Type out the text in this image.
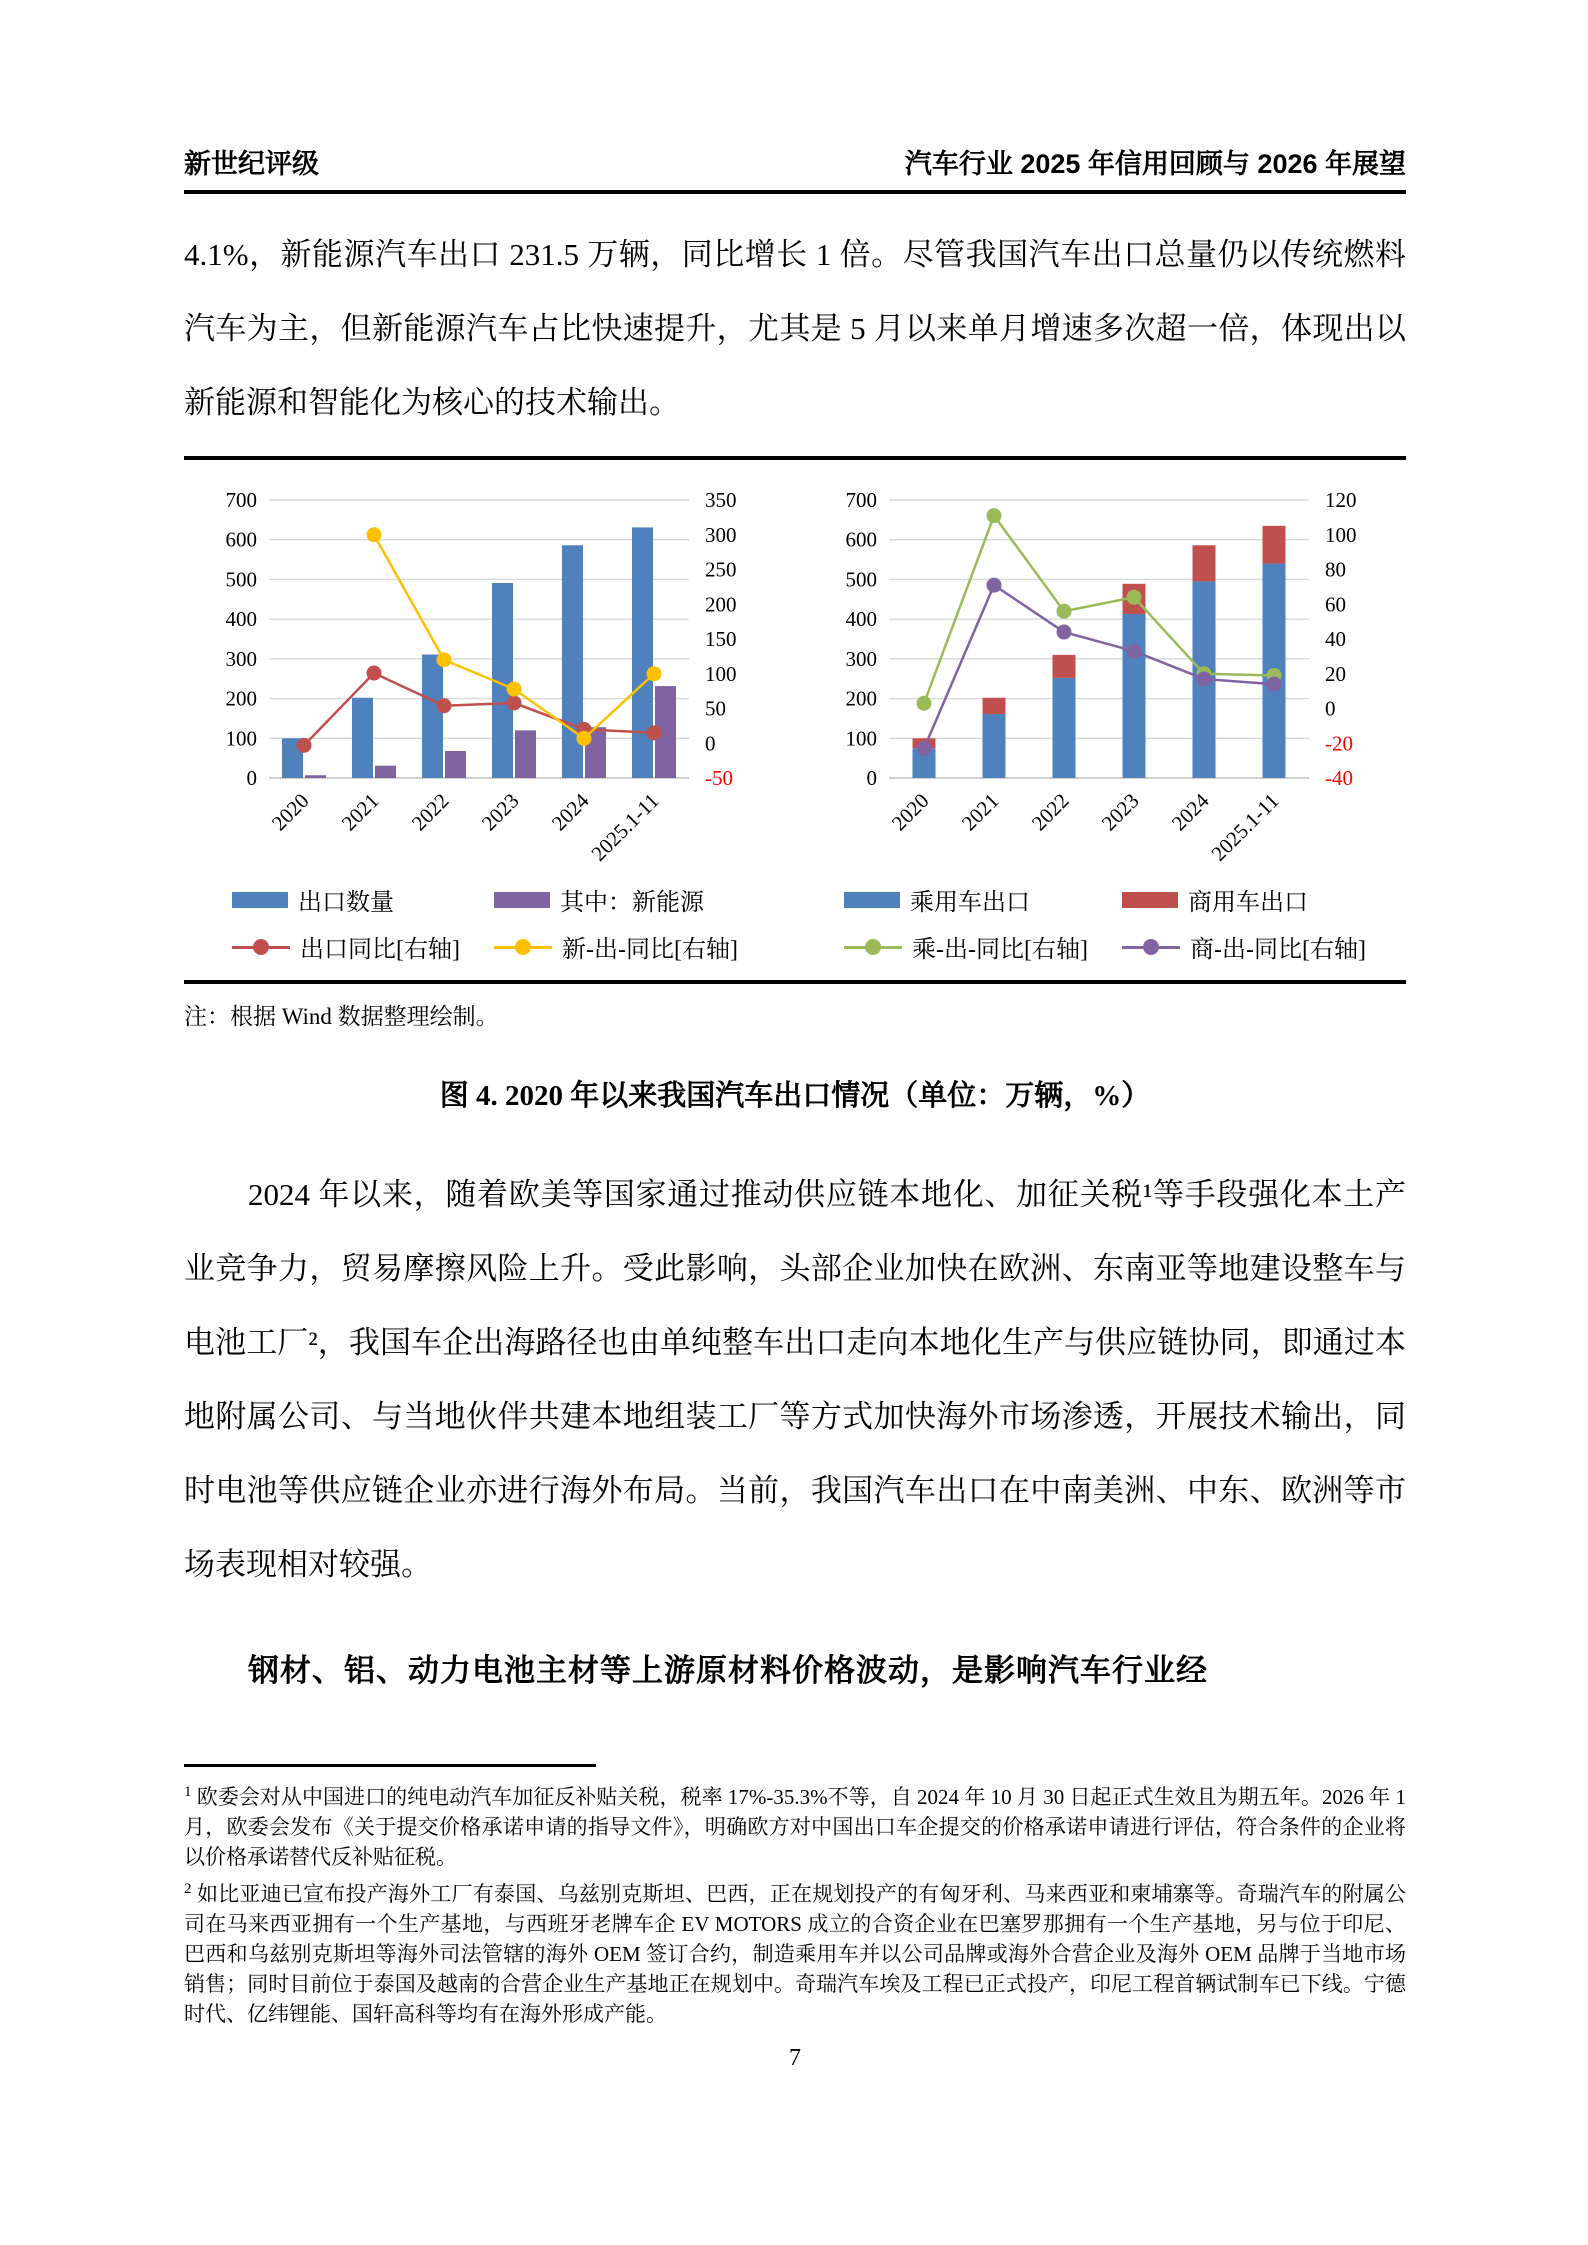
新世纪评级	汽车行业 2025 年信用回顾与 2026 年展望

4.1%，新能源汽车出口 231.5 万辆，同比增长 1 倍。尽管我国汽车出口总量仍以传统燃料汽车为主，但新能源汽车占比快速提升，尤其是 5 月以来单月增速多次超一倍，体现出以新能源和智能化为核心的技术输出。

0
100
200
300
400
500
600
700	350
300
250
200
150
100
50
0
-50
2020 2021 2022 2023 2024
2025.1-11
出口数量	其中：新能源
出口同比[右轴]	新-出-同比[右轴]
0
100
200
300
400
500
600
700	120
100
80
60
40
20
0
-20
-40
2020 2021 2022 2023 2024
2025.1-11
乘用车出口	商用车出口
乘-出-同比[右轴]	商-出-同比[右轴]

注：根据 Wind 数据整理绘制。

图 4. 2020 年以来我国汽车出口情况（单位：万辆，%）

2024 年以来，随着欧美等国家通过推动供应链本地化、加征关税¹等手段强化本土产业竞争力，贸易摩擦风险上升。受此影响，头部企业加快在欧洲、东南亚等地建设整车与电池工厂²，我国车企出海路径也由单纯整车出口走向本地化生产与供应链协同，即通过本地附属公司、与当地伙伴共建本地组装工厂等方式加快海外市场渗透，开展技术输出，同时电池等供应链企业亦进行海外布局。当前，我国汽车出口在中南美洲、中东、欧洲等市场表现相对较强。

钢材、铝、动力电池主材等上游原材料价格波动，是影响汽车行业经

$^1$ 欧委会对从中国进口的纯电动汽车加征反补贴关税，税率 17%-35.3%不等，自 2024 年 10 月 30 日起正式生效且为期五年。2026 年 1 月，欧委会发布《关于提交价格承诺申请的指导文件》，明确欧方对中国出口车企提交的价格承诺申请进行评估，符合条件的企业将以价格承诺替代反补贴征税。

$^2$ 如比亚迪已宣布投产海外工厂有泰国、乌兹别克斯坦、巴西，正在规划投产的有匈牙利、马来西亚和柬埔寨等。奇瑞汽车的附属公司在马来西亚拥有一个生产基地，与西班牙老牌车企 EV MOTORS 成立的合资企业在巴塞罗那拥有一个生产基地，另与位于印尼、巴西和乌兹别克斯坦等海外司法管辖的海外 OEM 签订合约，制造乘用车并以公司品牌或海外合营企业及海外 OEM 品牌于当地市场销售；同时目前位于泰国及越南的合营企业生产基地正在规划中。奇瑞汽车埃及工程已正式投产，印尼工程首辆试制车已下线。宁德时代、亿纬锂能、国轩高科等均有在海外形成产能。

7
